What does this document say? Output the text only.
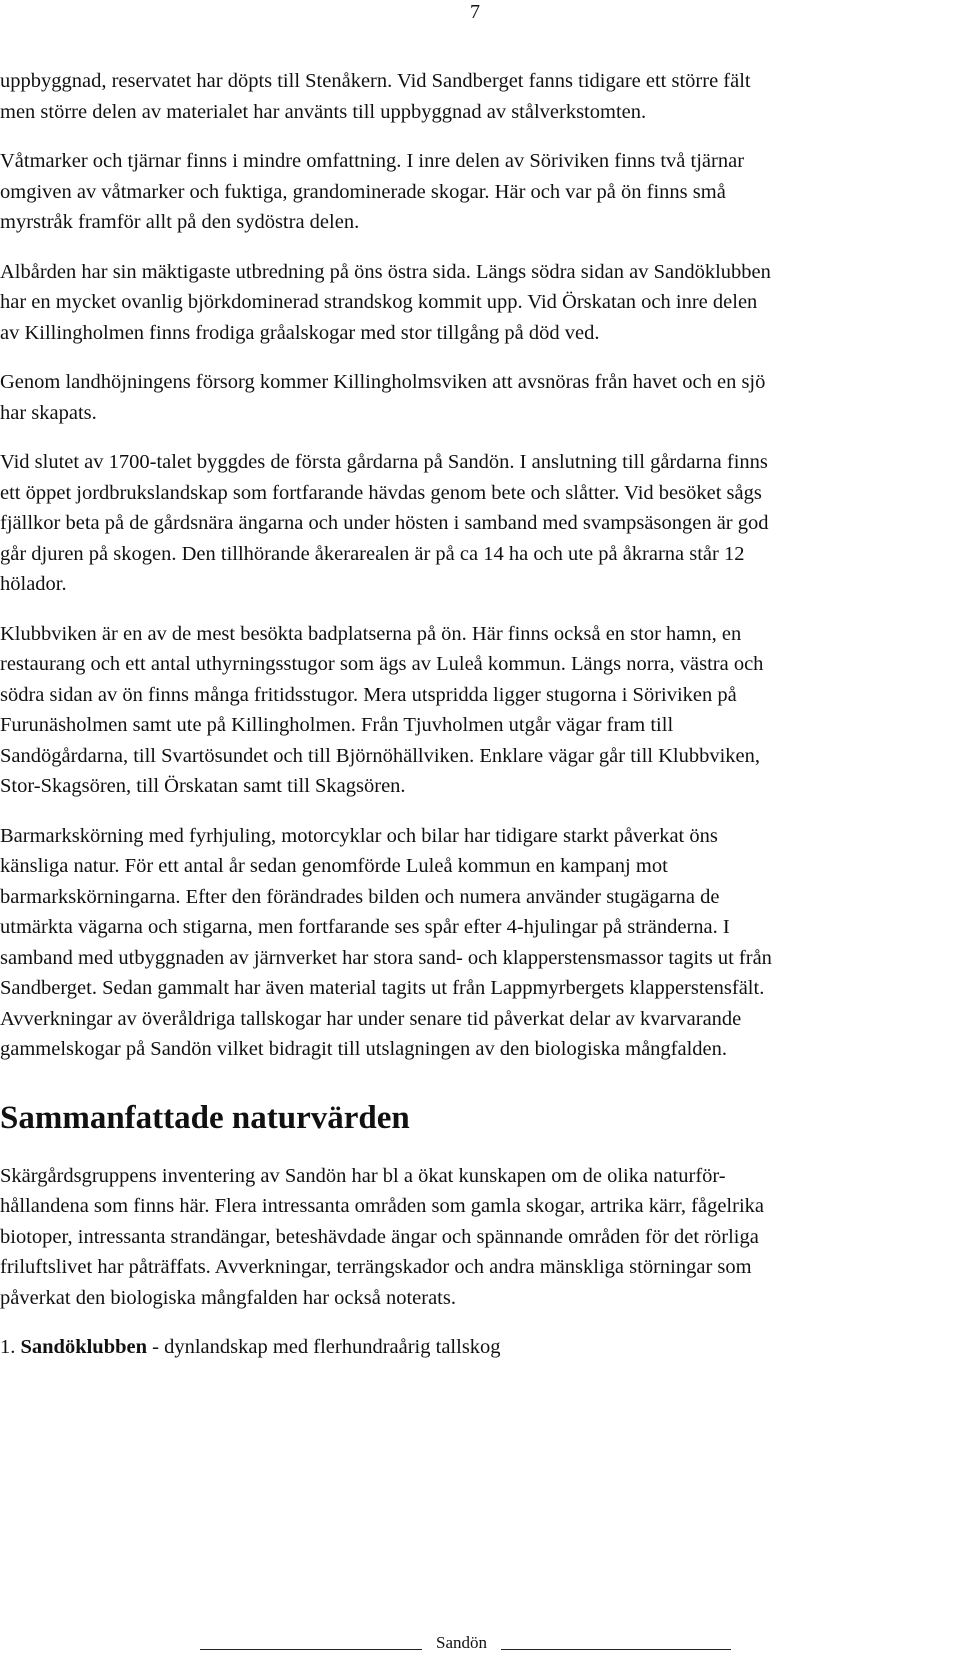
7
uppbyggnad, reservatet har döpts till Stenåkern. Vid Sandberget fanns tidigare ett större fält
men större delen av materialet har använts till uppbyggnad av stålverkstomten.
Våtmarker och tjärnar finns i mindre omfattning. I inre delen av Söriviken finns två tjärnar
omgiven av våtmarker och fuktiga, grandominerade skogar. Här och var på ön finns små
myrstråk framför allt på den sydöstra delen.
Albården har sin mäktigaste utbredning på öns östra sida. Längs södra sidan av Sandöklubben
har en mycket ovanlig björkdominerad strandskog kommit upp. Vid Örskatan och inre delen
av Killingholmen finns frodiga gråalskogar med stor tillgång på död ved.
Genom landhöjningens försorg kommer Killingholmsviken att avsnöras från havet och en sjö
har skapats.
Vid slutet av 1700-talet byggdes de första gårdarna på Sandön. I anslutning till gårdarna finns
ett öppet jordbrukslandskap som fortfarande hävdas genom bete och slåtter. Vid besöket sågs
fjällkor beta på de gårdsnära ängarna och under hösten i samband med svampsäsongen är god
går djuren på skogen. Den tillhörande åkerarealen är på ca 14 ha och ute på åkrarna står 12
hölador.
Klubbviken är en av de mest besökta badplatserna på ön. Här finns också en stor hamn, en
restaurang och ett antal uthyrningsstugor som ägs av Luleå kommun. Längs norra, västra och
södra sidan av ön finns många fritidsstugor. Mera utspridda ligger stugorna i Söriviken på
Furunäsholmen samt ute på Killingholmen. Från Tjuvholmen utgår vägar fram till
Sandögårdarna, till Svartösundet och till Björnöhällviken. Enklare vägar går till Klubbviken,
Stor-Skagsören, till Örskatan samt till Skagsören.
Barmarkskörning med fyrhjuling, motorcyklar och bilar har tidigare starkt påverkat öns
känsliga natur. För ett antal år sedan genomförde Luleå kommun en kampanj mot
barmarkskörningarna. Efter den förändrades bilden och numera använder stugägarna de
utmärkta vägarna och stigarna, men fortfarande ses spår efter 4-hjulingar på stränderna. I
samband med utbyggnaden av järnverket har stora sand- och klapperstensmassor tagits ut från
Sandberget. Sedan gammalt har även material tagits ut från Lappmyrbergets klapperstensfält.
Avverkningar av överåldriga tallskogar har under senare tid påverkat delar av kvarvarande
gammelskogar på Sandön vilket bidragit till utslagningen av den biologiska mångfalden.
Sammanfattade naturvärden
Skärgårdsgruppens inventering av Sandön har bl a ökat kunskapen om de olika naturför-
hållandena som finns här. Flera intressanta områden som gamla skogar, artrika kärr, fågelrika
biotoper, intressanta strandängar, beteshävdade ängar och spännande områden för det rörliga
friluftslivet har påträffats. Avverkningar, terrängskador och andra mänskliga störningar som
påverkat den biologiska mångfalden har också noterats.
1. Sandöklubben - dynlandskap med flerhundraårig tallskog
Sandön
